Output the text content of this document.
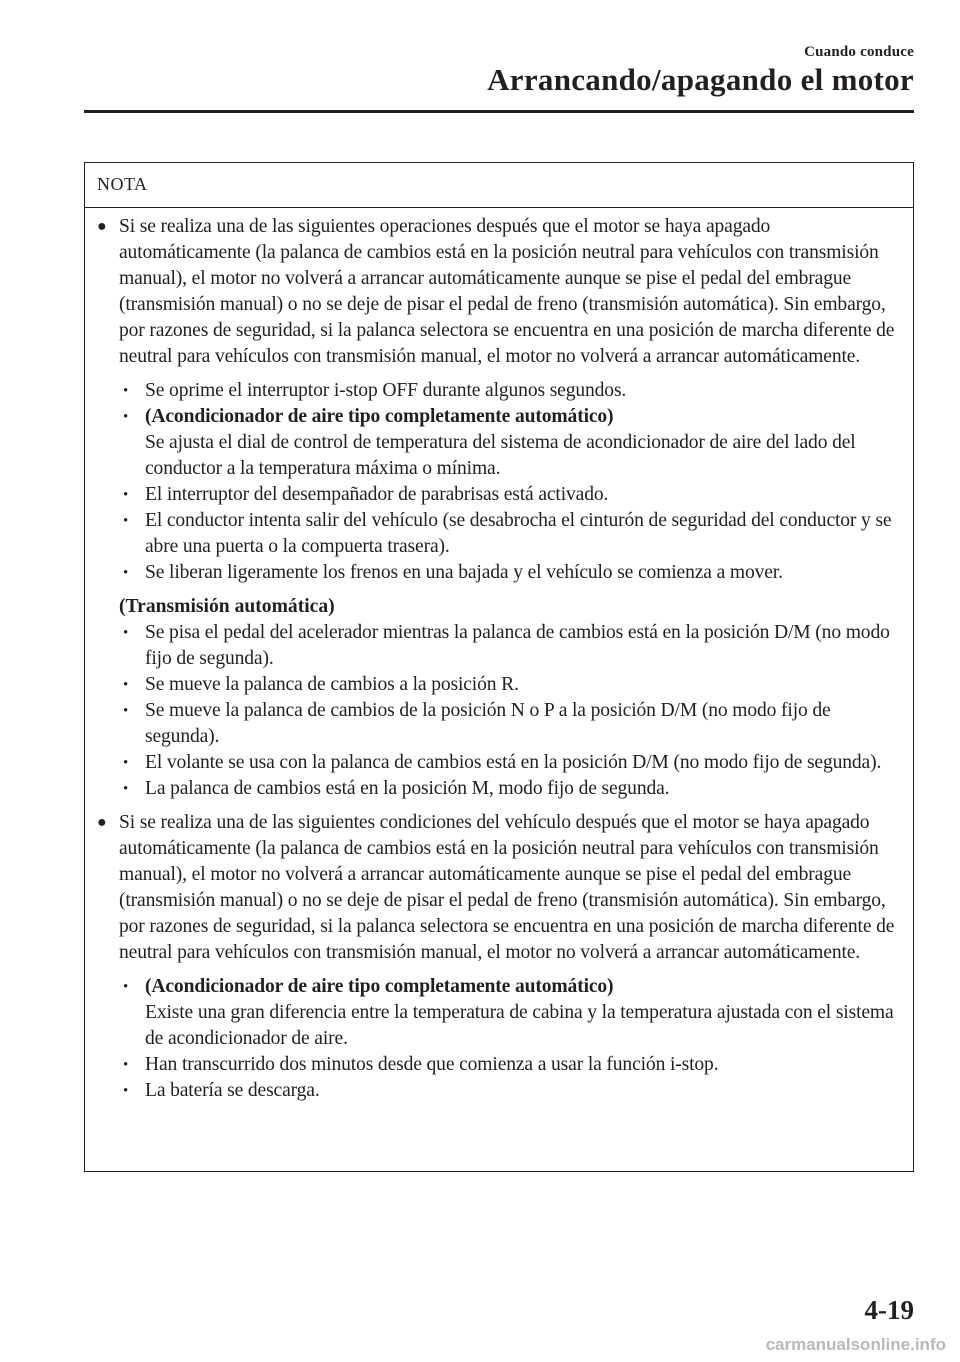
Cuando conduce
Arrancando/apagando el motor
NOTA
● Si se realiza una de las siguientes operaciones después que el motor se haya apagado automáticamente (la palanca de cambios está en la posición neutral para vehículos con transmisión manual), el motor no volverá a arrancar automáticamente aunque se pise el pedal del embrague (transmisión manual) o no se deje de pisar el pedal de freno (transmisión automática). Sin embargo, por razones de seguridad, si la palanca selectora se encuentra en una posición de marcha diferente de neutral para vehículos con transmisión manual, el motor no volverá a arrancar automáticamente.
• Se oprime el interruptor i-stop OFF durante algunos segundos.
• (Acondicionador de aire tipo completamente automático)
Se ajusta el dial de control de temperatura del sistema de acondicionador de aire del lado del conductor a la temperatura máxima o mínima.
• El interruptor del desempañador de parabrisas está activado.
• El conductor intenta salir del vehículo (se desabrocha el cinturón de seguridad del conductor y se abre una puerta o la compuerta trasera).
• Se liberan ligeramente los frenos en una bajada y el vehículo se comienza a mover.
(Transmisión automática)
• Se pisa el pedal del acelerador mientras la palanca de cambios está en la posición D/M (no modo fijo de segunda).
• Se mueve la palanca de cambios a la posición R.
• Se mueve la palanca de cambios de la posición N o P a la posición D/M (no modo fijo de segunda).
• El volante se usa con la palanca de cambios está en la posición D/M (no modo fijo de segunda).
• La palanca de cambios está en la posición M, modo fijo de segunda.
● Si se realiza una de las siguientes condiciones del vehículo después que el motor se haya apagado automáticamente (la palanca de cambios está en la posición neutral para vehículos con transmisión manual), el motor no volverá a arrancar automáticamente aunque se pise el pedal del embrague (transmisión manual) o no se deje de pisar el pedal de freno (transmisión automática). Sin embargo, por razones de seguridad, si la palanca selectora se encuentra en una posición de marcha diferente de neutral para vehículos con transmisión manual, el motor no volverá a arrancar automáticamente.
• (Acondicionador de aire tipo completamente automático)
Existe una gran diferencia entre la temperatura de cabina y la temperatura ajustada con el sistema de acondicionador de aire.
• Han transcurrido dos minutos desde que comienza a usar la función i-stop.
• La batería se descarga.
4-19
carmanualsonline.info
